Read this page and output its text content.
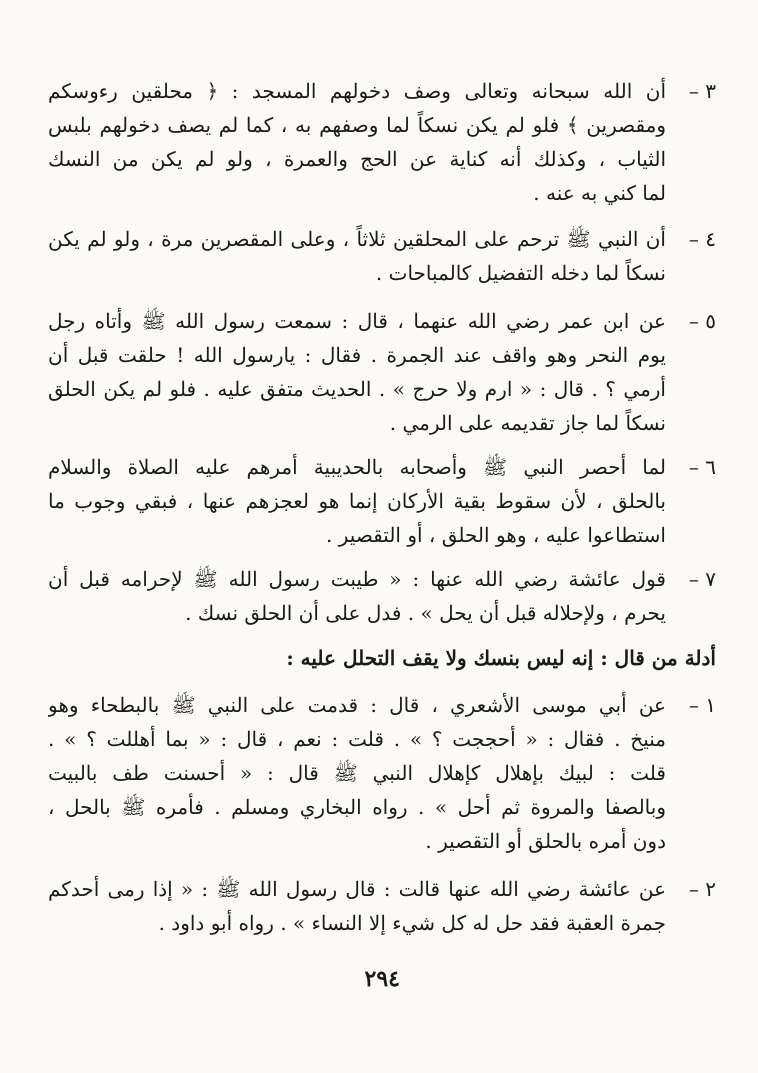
٣ –
أن الله سبحانه وتعالى وصف دخولهم المسجد : ﴿ محلقين رءوسكم
ومقصرين ﴾ فلو لم يكن نسكاً لما وصفهم به ، كما لم يصف دخولهم بلبس
الثياب ، وكذلك أنه كناية عن الحج والعمرة ، ولو لم يكن من النسك
لما كني به عنه .
٤ –
أن النبي ﷺ ترحم على المحلقين ثلاثاً ، وعلى المقصرين مرة ، ولو لم يكن
نسكاً لما دخله التفضيل كالمباحات .
٥ –
عن ابن عمر رضي الله عنهما ، قال : سمعت رسول الله ﷺ وأتاه رجل
يوم النحر وهو واقف عند الجمرة . فقال : يارسول الله ! حلقت قبل أن
أرمي ؟ . قال : « ارم ولا حرج » . الحديث متفق عليه . فلو لم يكن الحلق
نسكاً لما جاز تقديمه على الرمي .
٦ –
لما أحصر النبي ﷺ وأصحابه بالحديبية أمرهم عليه الصلاة والسلام
بالحلق ، لأن سقوط بقية الأركان إنما هو لعجزهم عنها ، فبقي وجوب ما
استطاعوا عليه ، وهو الحلق ، أو التقصير .
٧ –
قول عائشة رضي الله عنها : « طيبت رسول الله ﷺ لإحرامه قبل أن
يحرم ، ولإحلاله قبل أن يحل » . فدل على أن الحلق نسك .
أدلة من قال : إنه ليس بنسك ولا يقف التحلل عليه :
١ –
عن أبي موسى الأشعري ، قال : قدمت على النبي ﷺ بالبطحاء وهو
منيخ . فقال : « أحججت ؟ » . قلت : نعم ، قال : « بما أهللت ؟ » .
قلت : لبيك بإهلال كإهلال النبي ﷺ قال : « أحسنت طف بالبيت
وبالصفا والمروة ثم أحل » . رواه البخاري ومسلم . فأمره ﷺ بالحل ،
دون أمره بالحلق أو التقصير .
٢ –
عن عائشة رضي الله عنها قالت : قال رسول الله ﷺ : « إذا رمى أحدكم
جمرة العقبة فقد حل له كل شيء إلا النساء » . رواه أبو داود .
٢٩٤
